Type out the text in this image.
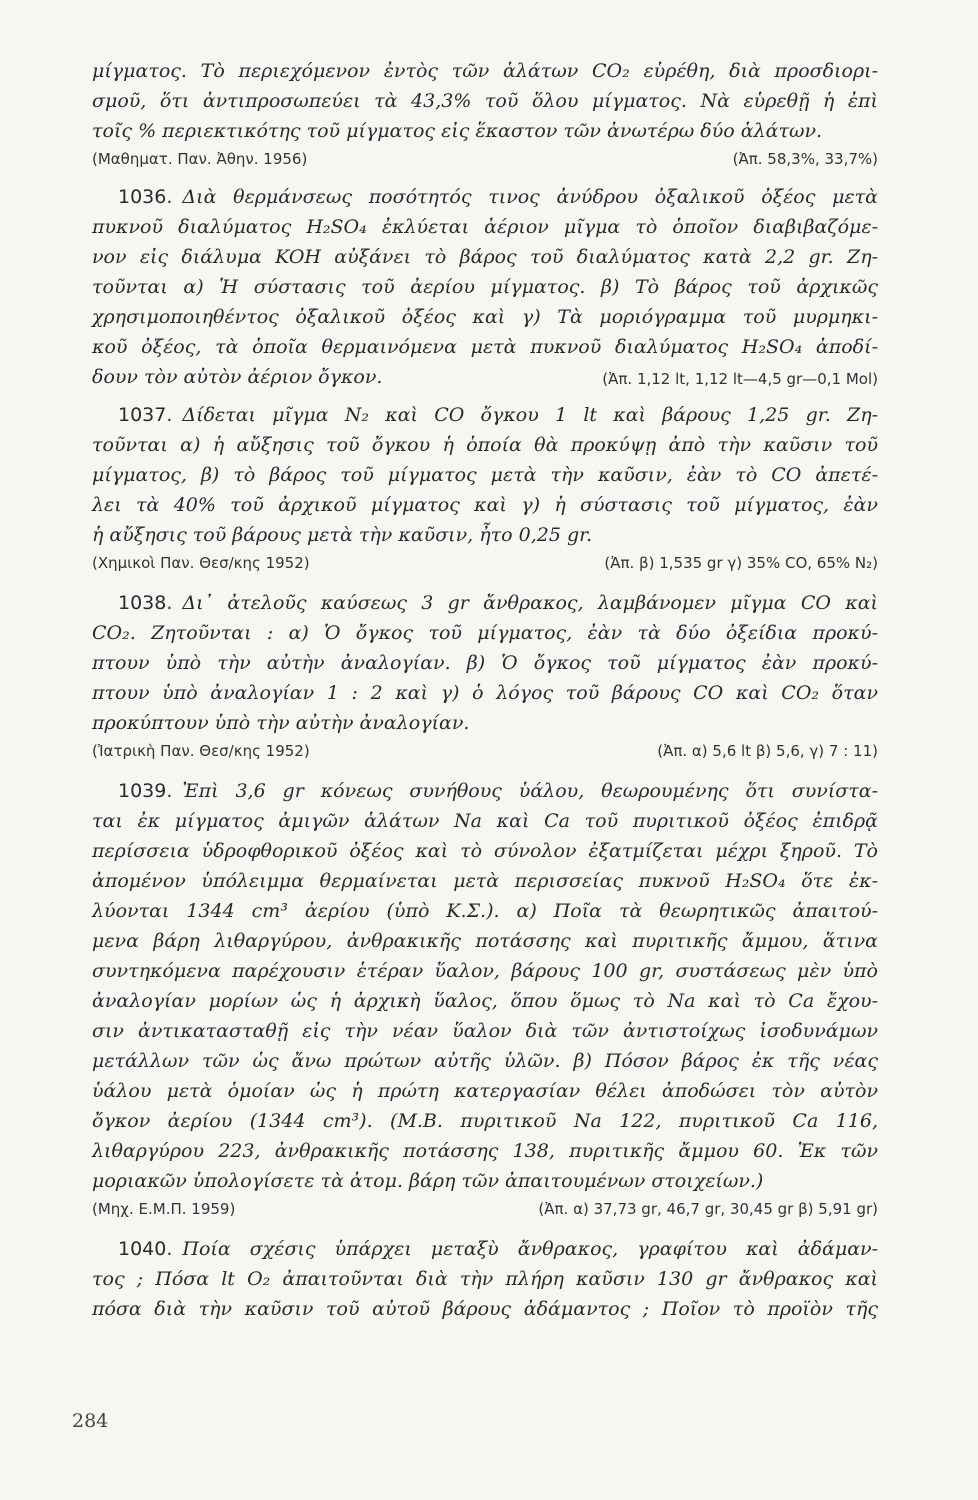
284

μίγματος. Τὸ περιεχόμενον ἐντὸς τῶν ἁλάτων CO₂ εὑρέθη, διὰ προσδιορι-

σμοῦ, ὅτι ἀντιπροσωπεύει τὰ 43,3% τοῦ ὅλου μίγματος. Νὰ εὑρεθῇ ἡ ἐπὶ

τοῖς % περιεκτικότης τοῦ μίγματος εἰς ἕκαστον τῶν ἀνωτέρω δύο ἁλάτων.

(Μαθηματ. Παν. Ἀθην. 1956)	(Ἀπ. 58,3%, 33,7%)

1036. Διὰ θερμάνσεως ποσότητός τινος ἀνύδρου ὀξαλικοῦ ὀξέος μετὰ

πυκνοῦ διαλύματος H₂SO₄ ἐκλύεται ἀέριον μῖγμα τὸ ὁποῖον διαβιβαζόμε-

νον εἰς διάλυμα KOH αὐξάνει τὸ βάρος τοῦ διαλύματος κατὰ 2,2 gr. Ζη-

τοῦνται α) Ἡ σύστασις τοῦ ἀερίου μίγματος. β) Τὸ βάρος τοῦ ἀρχικῶς

χρησιμοποιηθέντος ὀξαλικοῦ ὀξέος καὶ γ) Τὰ μοριόγραμμα τοῦ μυρμηκι-

κοῦ ὀξέος, τὰ ὁποῖα θερμαινόμενα μετὰ πυκνοῦ διαλύματος H₂SO₄ ἀποδί-

δουν τὸν αὐτὸν ἀέριον ὄγκον.	(Ἀπ. 1,12 lt, 1,12 lt—4,5 gr—0,1 Mol)

1037. Δίδεται μῖγμα N₂ καὶ CO ὄγκου 1 lt καὶ βάρους 1,25 gr. Ζη-

τοῦνται α) ἡ αὔξησις τοῦ ὄγκου ἡ ὁποία θὰ προκύψῃ ἀπὸ τὴν καῦσιν τοῦ

μίγματος, β) τὸ βάρος τοῦ μίγματος μετὰ τὴν καῦσιν, ἐὰν τὸ CO ἀπετέ-

λει τὰ 40% τοῦ ἀρχικοῦ μίγματος καὶ γ) ἡ σύστασις τοῦ μίγματος, ἐὰν

ἡ αὔξησις τοῦ βάρους μετὰ τὴν καῦσιν, ἦτο 0,25 gr.

(Χημικοὶ Παν. Θεσ/κης 1952)	(Ἀπ. β) 1,535 gr γ) 35% CO, 65% N₂)

1038. Δι᾽ ἀτελοῦς καύσεως 3 gr ἄνθρακος, λαμβάνομεν μῖγμα CO καὶ

CO₂. Ζητοῦνται : α) Ὁ ὄγκος τοῦ μίγματος, ἐὰν τὰ δύο ὀξείδια προκύ-

πτουν ὑπὸ τὴν αὐτὴν ἀναλογίαν. β) Ὁ ὄγκος τοῦ μίγματος ἐὰν προκύ-

πτουν ὑπὸ ἀναλογίαν 1 : 2 καὶ γ) ὁ λόγος τοῦ βάρους CO καὶ CO₂ ὅταν

προκύπτουν ὑπὸ τὴν αὐτὴν ἀναλογίαν.

(Ἰατρικὴ Παν. Θεσ/κης 1952)	(Ἀπ. α) 5,6 lt β) 5,6, γ) 7 : 11)

1039. Ἐπὶ 3,6 gr κόνεως συνήθους ὑάλου, θεωρουμένης ὅτι συνίστα-

ται ἐκ μίγματος ἀμιγῶν ἁλάτων Na καὶ Ca τοῦ πυριτικοῦ ὀξέος ἐπιδρᾷ

περίσσεια ὑδροφθορικοῦ ὀξέος καὶ τὸ σύνολον ἐξατμίζεται μέχρι ξηροῦ. Τὸ

ἀπομένον ὑπόλειμμα θερμαίνεται μετὰ περισσείας πυκνοῦ H₂SO₄ ὅτε ἐκ-

λύονται 1344 cm³ ἀερίου (ὑπὸ Κ.Σ.). α) Ποῖα τὰ θεωρητικῶς ἀπαιτού-

μενα βάρη λιθαργύρου, ἀνθρακικῆς ποτάσσης καὶ πυριτικῆς ἄμμου, ἅτινα

συντηκόμενα παρέχουσιν ἑτέραν ὕαλον, βάρους 100 gr, συστάσεως μὲν ὑπὸ

ἀναλογίαν μορίων ὡς ἡ ἀρχικὴ ὕαλος, ὅπου ὅμως τὸ Na καὶ τὸ Ca ἔχου-

σιν ἀντικατασταθῇ εἰς τὴν νέαν ὕαλον διὰ τῶν ἀντιστοίχως ἰσοδυνάμων

μετάλλων τῶν ὡς ἄνω πρώτων αὐτῆς ὑλῶν. β) Πόσον βάρος ἐκ τῆς νέας

ὑάλου μετὰ ὁμοίαν ὡς ἡ πρώτη κατεργασίαν θέλει ἀποδώσει τὸν αὐτὸν

ὄγκον ἀερίου (1344 cm³). (Μ.Β. πυριτικοῦ Na 122, πυριτικοῦ Ca 116,

λιθαργύρου 223, ἀνθρακικῆς ποτάσσης 138, πυριτικῆς ἄμμου 60. Ἐκ τῶν

μοριακῶν ὑπολογίσετε τὰ ἀτομ. βάρη τῶν ἀπαιτουμένων στοιχείων.)

(Μηχ. Ε.Μ.Π. 1959)	(Ἀπ. α) 37,73 gr, 46,7 gr, 30,45 gr β) 5,91 gr)

1040. Ποία σχέσις ὑπάρχει μεταξὺ ἄνθρακος, γραφίτου καὶ ἀδάμαν-

τος ; Πόσα lt O₂ ἀπαιτοῦνται διὰ τὴν πλήρη καῦσιν 130 gr ἄνθρακος καὶ

πόσα διὰ τὴν καῦσιν τοῦ αὐτοῦ βάρους ἀδάμαντος ; Ποῖον τὸ προϊὸν τῆς
